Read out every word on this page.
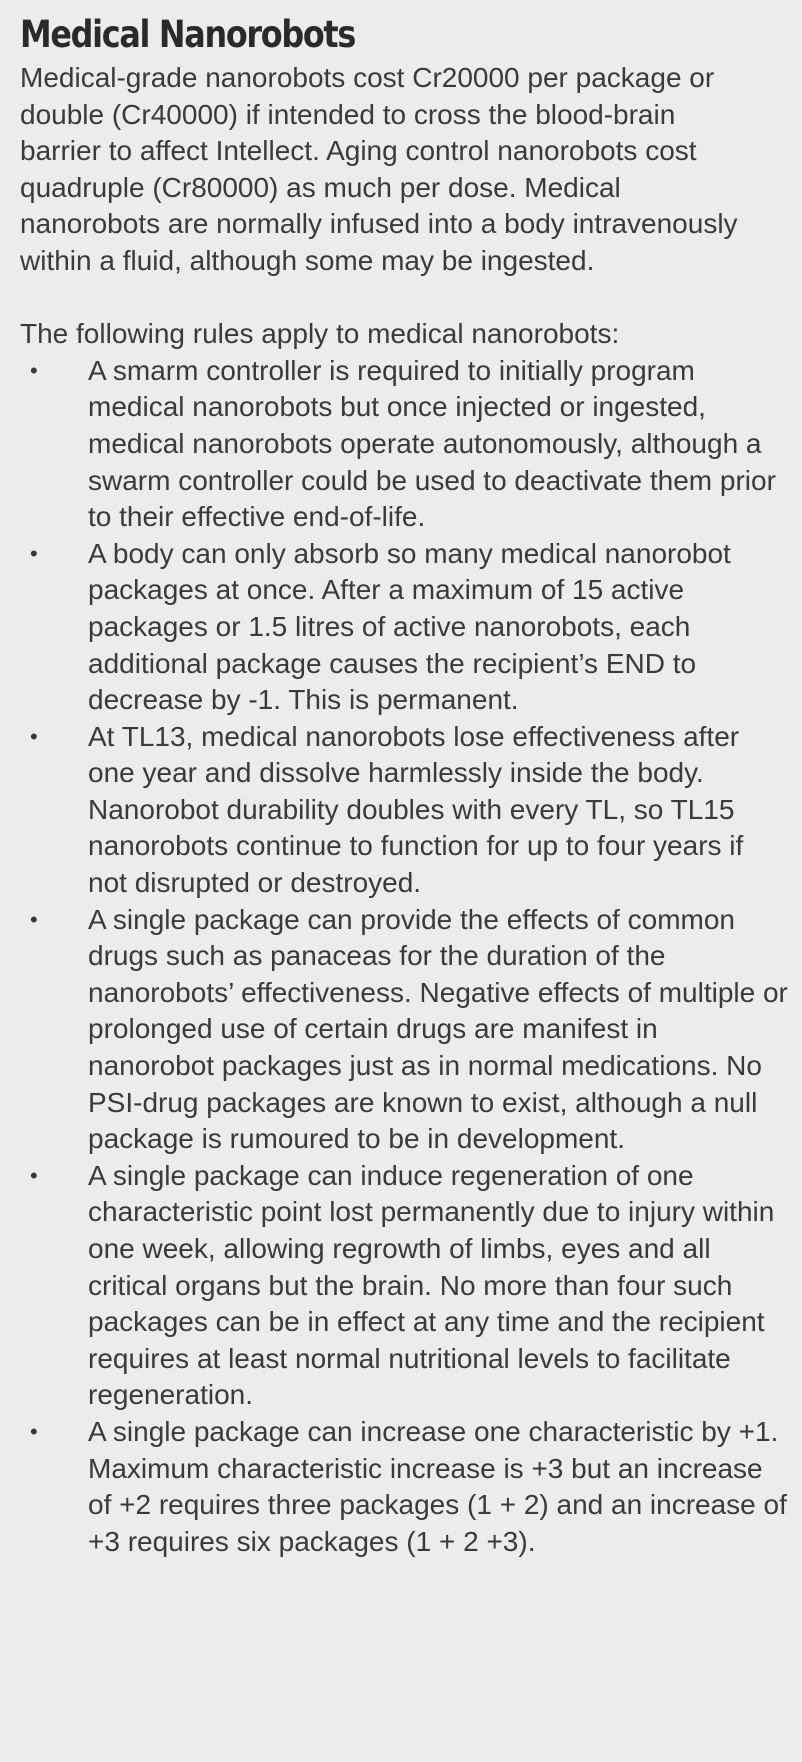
Medical Nanorobots

Medical-grade nanorobots cost Cr20000 per package or double (Cr40000) if intended to cross the blood-brain barrier to affect Intellect. Aging control nanorobots cost quadruple (Cr80000) as much per dose. Medical nanorobots are normally infused into a body intravenously within a fluid, although some may be ingested.

The following rules apply to medical nanorobots:

• A smarm controller is required to initially program medical nanorobots but once injected or ingested, medical nanorobots operate autonomously, although a swarm controller could be used to deactivate them prior to their effective end-of-life.
• A body can only absorb so many medical nanorobot packages at once. After a maximum of 15 active packages or 1.5 litres of active nanorobots, each additional package causes the recipient’s END to decrease by -1. This is permanent.
• At TL13, medical nanorobots lose effectiveness after one year and dissolve harmlessly inside the body. Nanorobot durability doubles with every TL, so TL15 nanorobots continue to function for up to four years if not disrupted or destroyed.
• A single package can provide the effects of common drugs such as panaceas for the duration of the nanorobots’ effectiveness. Negative effects of multiple or prolonged use of certain drugs are manifest in nanorobot packages just as in normal medications. No PSI-drug packages are known to exist, although a null package is rumoured to be in development.
• A single package can induce regeneration of one characteristic point lost permanently due to injury within one week, allowing regrowth of limbs, eyes and all critical organs but the brain. No more than four such packages can be in effect at any time and the recipient requires at least normal nutritional levels to facilitate regeneration.
• A single package can increase one characteristic by +1. Maximum characteristic increase is +3 but an increase of +2 requires three packages (1 + 2) and an increase of +3 requires six packages (1 + 2 +3).
